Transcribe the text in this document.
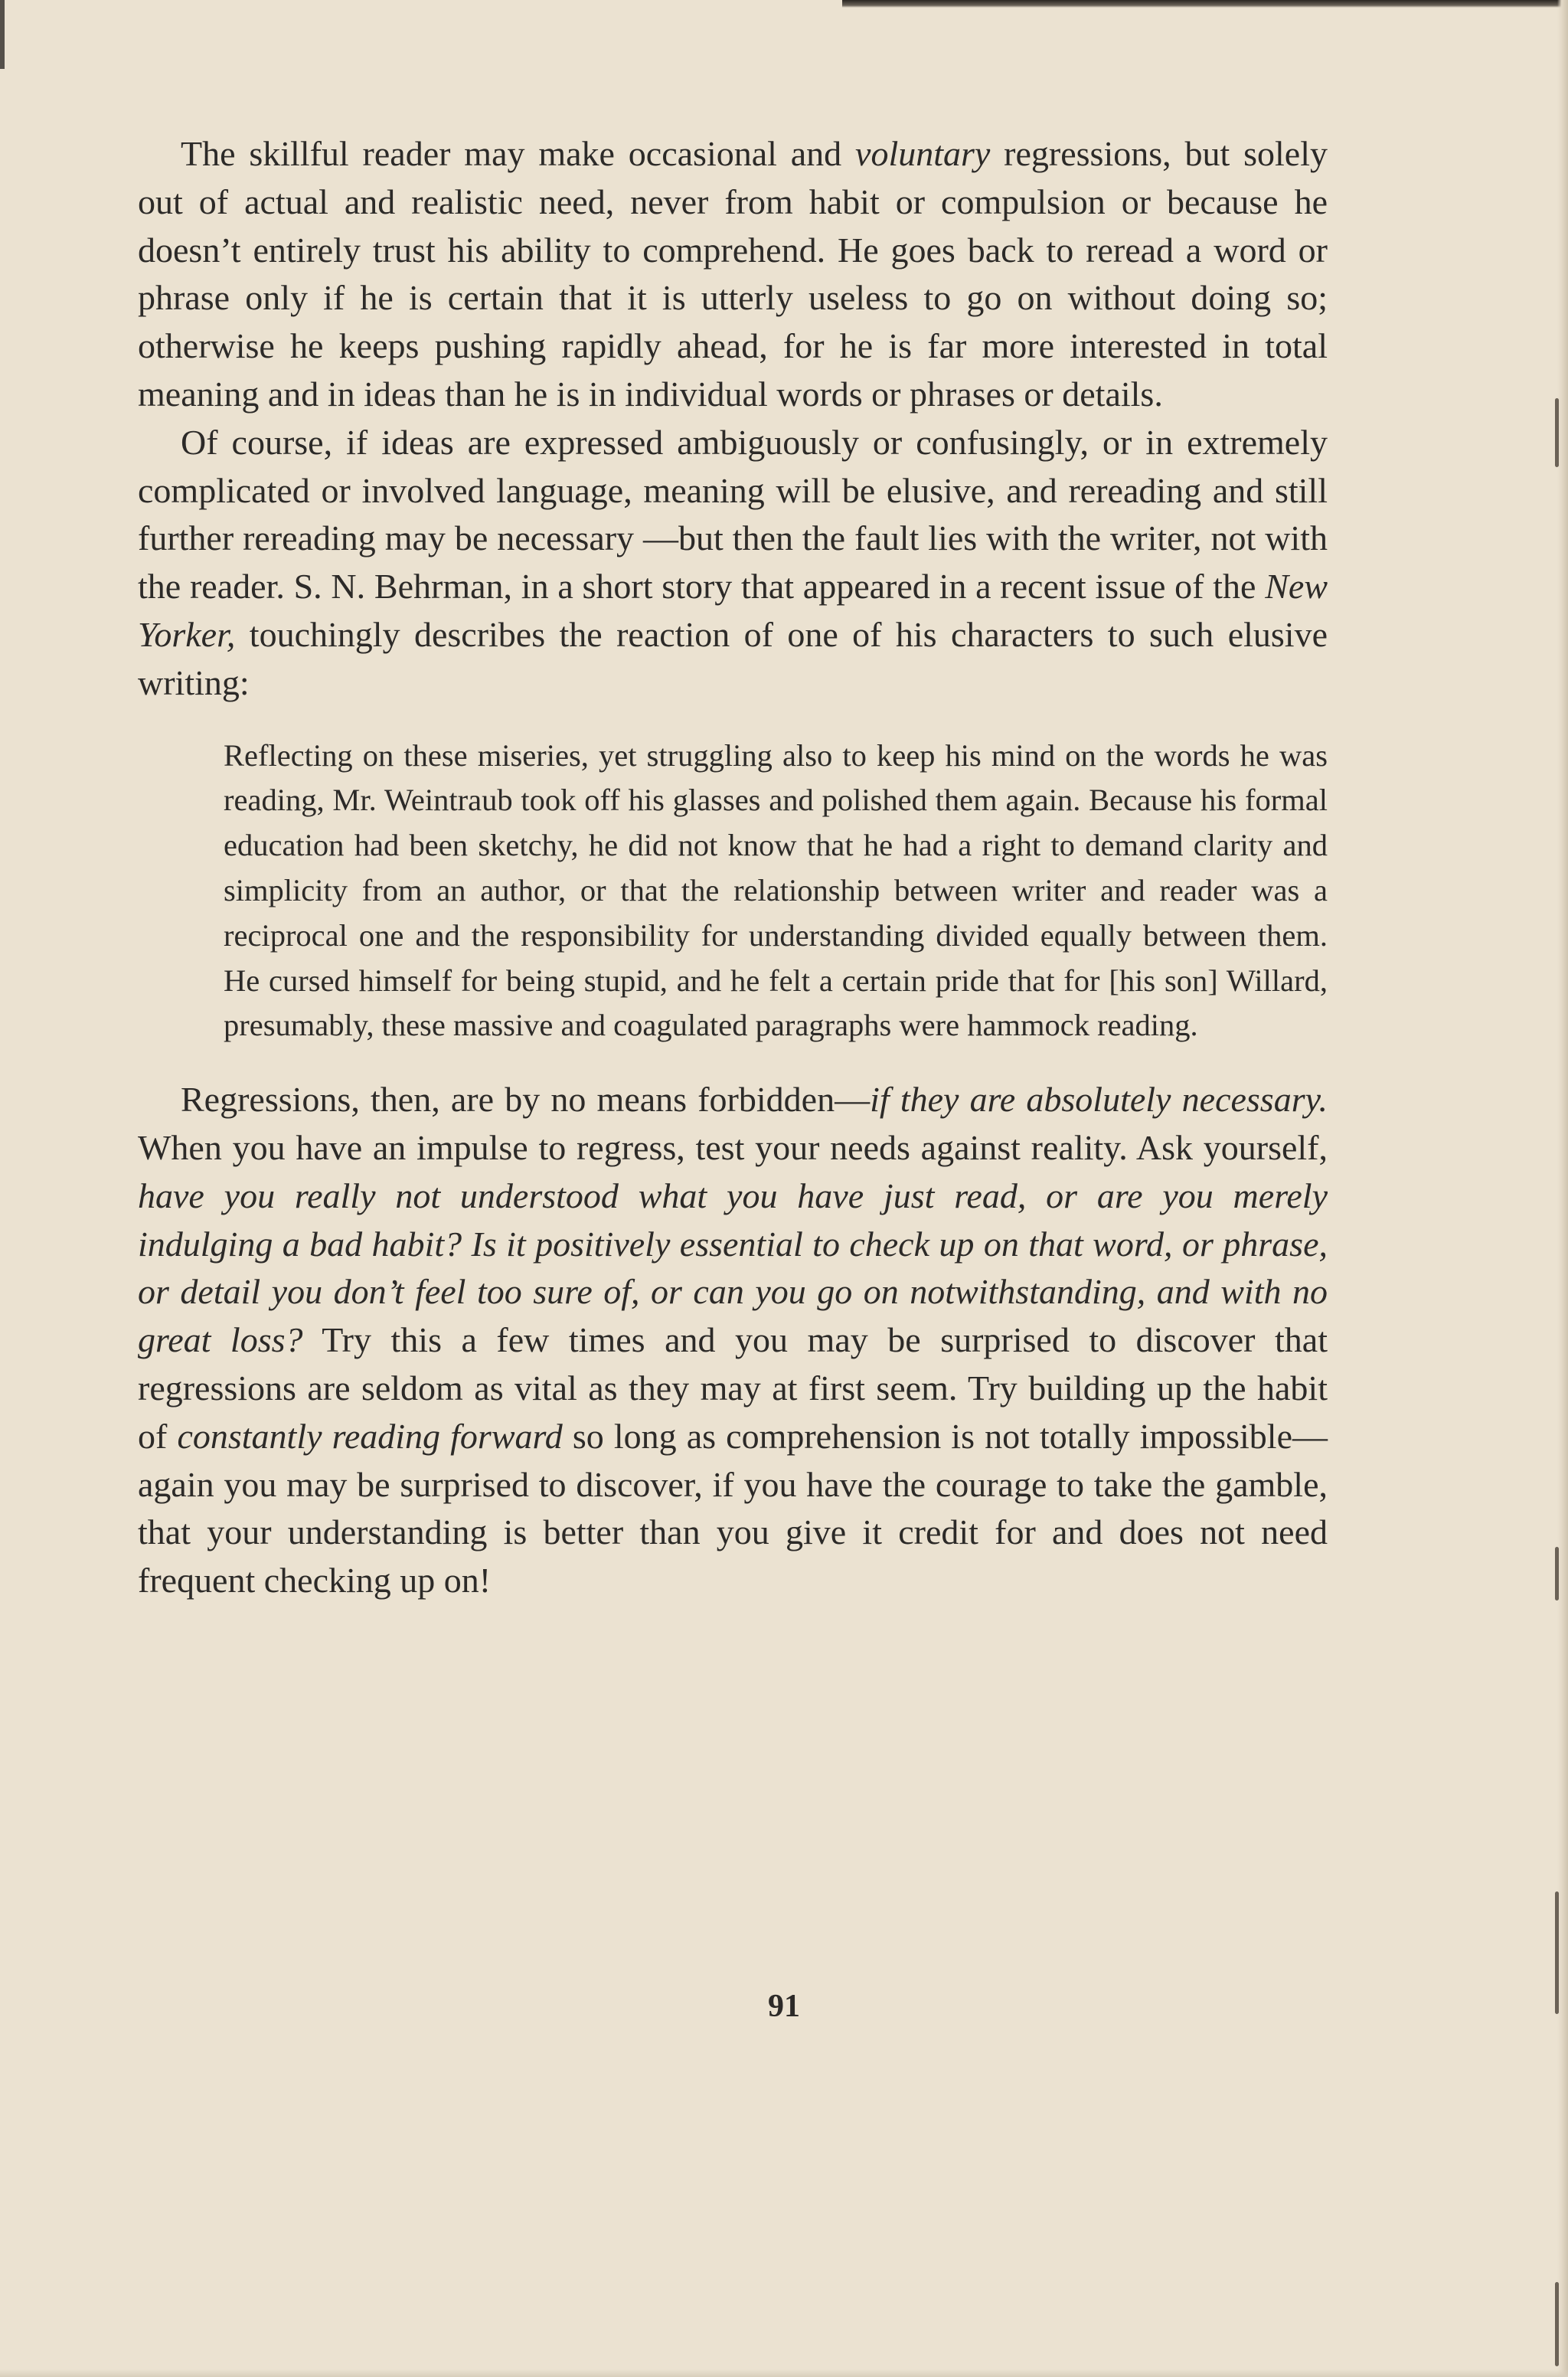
The skillful reader may make occasional and voluntary regressions, but solely out of actual and realistic need, never from habit or compulsion or because he doesn’t entirely trust his ability to comprehend. He goes back to reread a word or phrase only if he is certain that it is utterly useless to go on without doing so; otherwise he keeps pushing rapidly ahead, for he is far more interested in total meaning and in ideas than he is in individual words or phrases or details.

Of course, if ideas are expressed ambiguously or confusingly, or in extremely complicated or involved language, meaning will be elusive, and rereading and still further rereading may be necessary —but then the fault lies with the writer, not with the reader. S. N. Behrman, in a short story that appeared in a recent issue of the New Yorker, touchingly describes the reaction of one of his characters to such elusive writing:

Reflecting on these miseries, yet struggling also to keep his mind on the words he was reading, Mr. Weintraub took off his glasses and polished them again. Because his formal education had been sketchy, he did not know that he had a right to demand clarity and simplicity from an author, or that the relationship between writer and reader was a reciprocal one and the responsibility for understanding divided equally between them. He cursed himself for being stupid, and he felt a certain pride that for [his son] Willard, presumably, these massive and coagulated paragraphs were hammock reading.

Regressions, then, are by no means forbidden—if they are absolutely necessary. When you have an impulse to regress, test your needs against reality. Ask yourself, have you really not understood what you have just read, or are you merely indulging a bad habit? Is it positively essential to check up on that word, or phrase, or detail you don’t feel too sure of, or can you go on notwithstanding, and with no great loss? Try this a few times and you may be surprised to discover that regressions are seldom as vital as they may at first seem. Try building up the habit of constantly reading forward so long as comprehension is not totally impossible—again you may be surprised to discover, if you have the courage to take the gamble, that your understanding is better than you give it credit for and does not need frequent checking up on!

91
